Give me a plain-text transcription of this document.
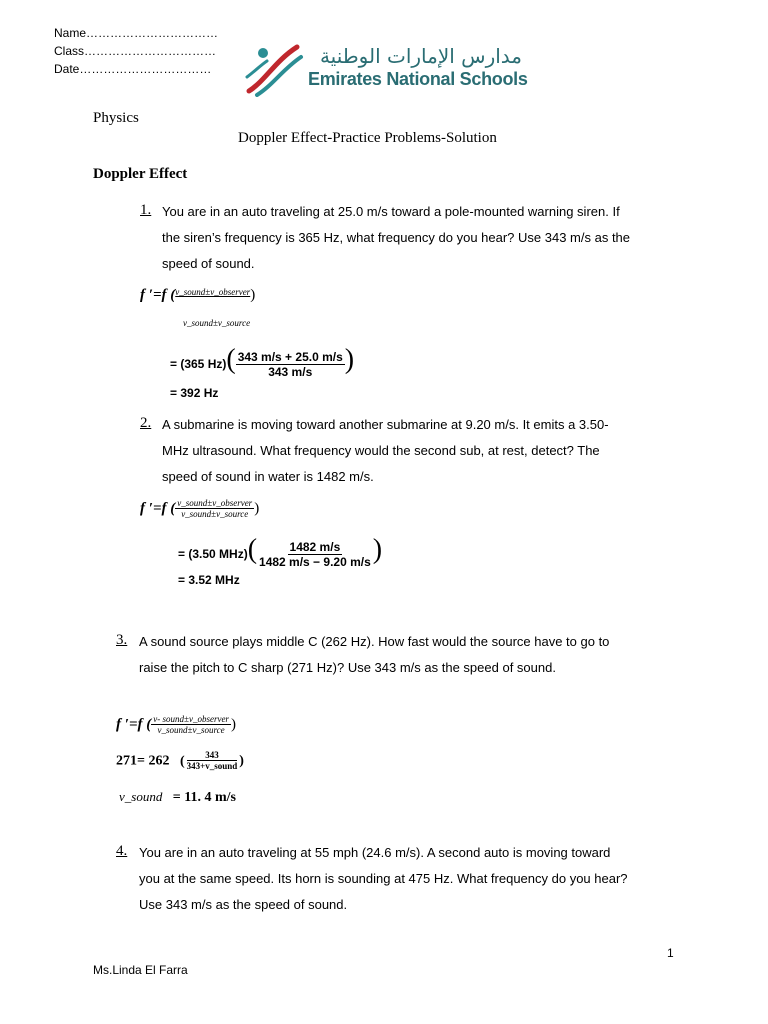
Name……………………………
Class……………………………
Date……………………………
مدارس الإمارات الوطنية
Emirates National Schools
Physics
Doppler Effect-Practice Problems-Solution
Doppler Effect
1. You are in an auto traveling at 25.0 m/s toward a pole-mounted warning siren. If
the siren’s frequency is 365 Hz, what frequency do you hear? Use 343 m/s as the
speed of sound.
f ′=f ($^{v\_sound\pm v\_observer}$)
v_sound±v_source
= (365 $Hz)( \frac{343 m/s + 25.0 m/s}{343 m/s}$ )
= 392 Hz
2. A submarine is moving toward another submarine at 9.20 m/s. It emits a 3.50-
MHz ultrasound. What frequency would the second sub, at rest, detect? The
speed of sound in water is 1482 m/s.
f ′=f ( $\frac{\text{v\_sound±v\_observer}}{\text{v\_sound±v\_source}}$ )
= (3.50 $MHz)( \frac{1482 m/s}{1482 m/s - 9.20 m/s}$ )
= 3.52 MHz
3. A sound source plays middle C (262 Hz). How fast would the source have to go to
raise the pitch to C sharp (271 Hz)? Use 343 m/s as the speed of sound.
f ′=f ( $\frac{\text{v- sound±v\_observer}}{\text{v\_sound±v\_source}}$ )
271= 262 ( $\frac{343}{\text{343+v\_sound}}$ )
v_sound = 11. 4 m/s
4. You are in an auto traveling at 55 mph (24.6 m/s). A second auto is moving toward
you at the same speed. Its horn is sounding at 475 Hz. What frequency do you hear?
Use 343 m/s as the speed of sound.
1
Ms.Linda El Farra
